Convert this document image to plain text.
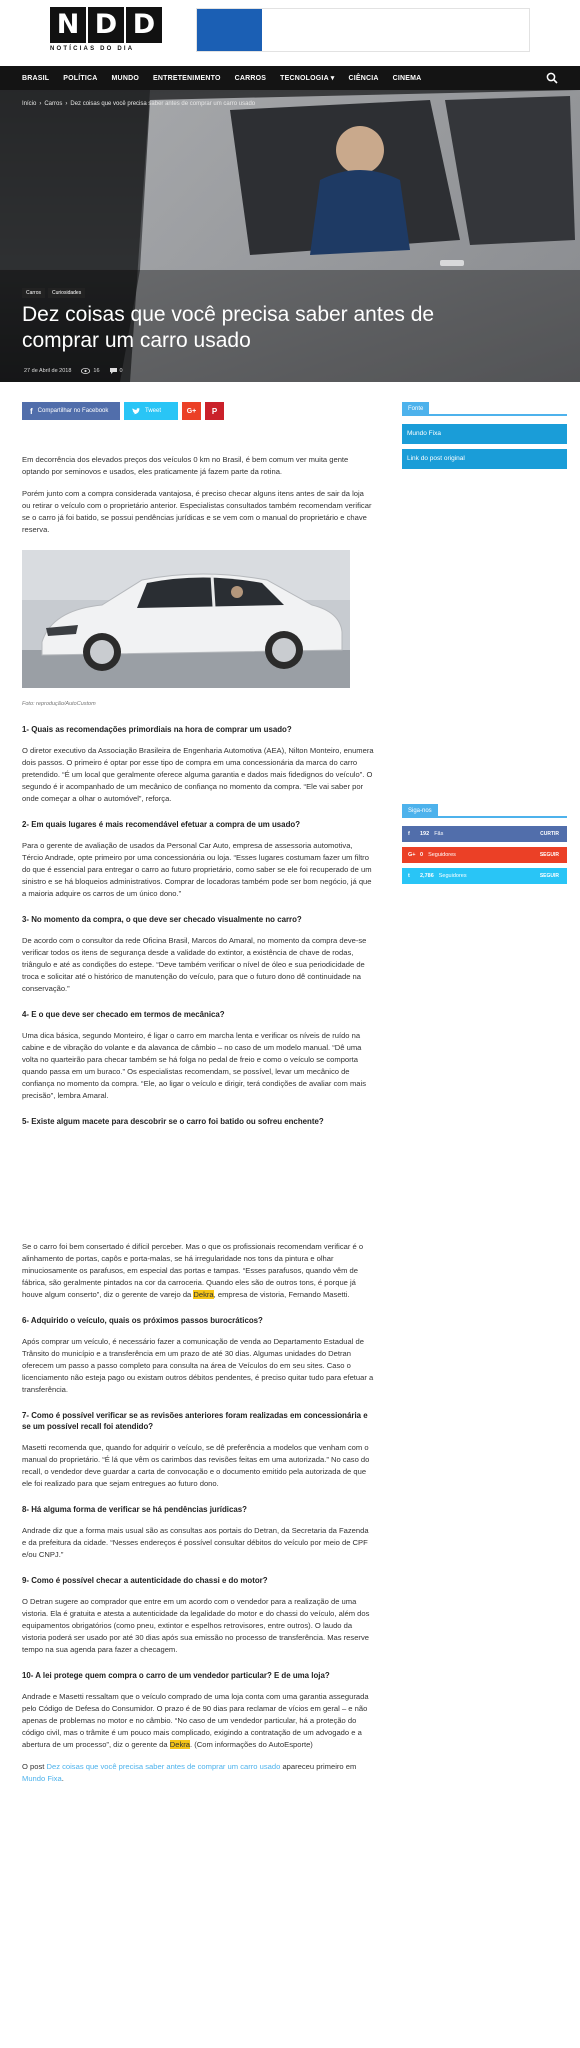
N D D
NOTÍCIAS DO DIA
BRASIL POLÍTICA MUNDO ENTRETENIMENTO CARROS TECNOLOGIA ▾ CIÊNCIA CINEMA
Início › Carros › Dez coisas que você precisa saber antes de comprar um carro usado
Carros	Curiosidades
Dez coisas que você precisa saber antes de comprar um carro usado
27 de Abril de 2018	16	0
f Compartilhar no Facebook	Tweet	G+ P	Fonte
Mundo Fixa
Link do post original
Siga-nos
f	192 Fãs	CURTIR
G+ 0 Seguidores	SEGUIR
t	2,786 Seguidores	SEGUIR

Em decorrência dos elevados preços dos veículos 0 km no Brasil, é bem comum ver muita gente optando por seminovos e usados, eles praticamente já fazem parte da rotina.

Porém junto com a compra considerada vantajosa, é preciso checar alguns itens antes de sair da loja ou retirar o veículo com o proprietário anterior. Especialistas consultados também recomendam verificar se o carro já foi batido, se possui pendências jurídicas e se vem com o manual do proprietário e chave reserva.

Foto: reprodução/AutoCustom
1- Quais as recomendações primordiais na hora de comprar um usado?

O diretor executivo da Associação Brasileira de Engenharia Automotiva (AEA), Nilton Monteiro, enumera dois passos. O primeiro é optar por esse tipo de compra em uma concessionária da marca do carro pretendido. “É um local que geralmente oferece alguma garantia e dados mais fidedignos do veículo”. O segundo é ir acompanhado de um mecânico de confiança no momento da compra. “Ele vai saber por onde começar a olhar o automóvel”, reforça.

2- Em quais lugares é mais recomendável efetuar a compra de um usado?

Para o gerente de avaliação de usados da Personal Car Auto, empresa de assessoria automotiva, Tércio Andrade, opte primeiro por uma concessionária ou loja. “Esses lugares costumam fazer um filtro do que é essencial para entregar o carro ao futuro proprietário, como saber se ele foi recuperado de um sinistro e se há bloqueios administrativos. Comprar de locadoras também pode ser bom negócio, já que a maioria adquire os carros de um único dono.”

3- No momento da compra, o que deve ser checado visualmente no carro?

De acordo com o consultor da rede Oficina Brasil, Marcos do Amaral, no momento da compra deve-se verificar todos os itens de segurança desde a validade do extintor, a existência de chave de rodas, triângulo e até as condições do estepe. “Deve também verificar o nível de óleo e sua periodicidade de troca e solicitar até o histórico de manutenção do veículo, para que o futuro dono dê continuidade na conservação.”

4- E o que deve ser checado em termos de mecânica?

Uma dica básica, segundo Monteiro, é ligar o carro em marcha lenta e verificar os níveis de ruído na cabine e de vibração do volante e da alavanca de câmbio – no caso de um modelo manual. “Dê uma volta no quarteirão para checar também se há folga no pedal de freio e como o veículo se comporta quando passa em um buraco.” Os especialistas recomendam, se possível, levar um mecânico de confiança no momento da compra. “Ele, ao ligar o veículo e dirigir, terá condições de avaliar com mais precisão”, lembra Amaral.

5- Existe algum macete para descobrir se o carro foi batido ou sofreu enchente?

Se o carro foi bem consertado é difícil perceber. Mas o que os profissionais recomendam verificar é o alinhamento de portas, capôs e porta-malas, se há irregularidade nos tons da pintura e olhar minuciosamente os parafusos, em especial das portas e tampas. “Esses parafusos, quando vêm de fábrica, são geralmente pintados na cor da carroceria. Quando eles são de outros tons, é porque já houve algum conserto”, diz o gerente de varejo da Dekra, empresa de vistoria, Fernando Masetti.

6- Adquirido o veículo, quais os próximos passos burocráticos?

Após comprar um veículo, é necessário fazer a comunicação de venda ao Departamento Estadual de Trânsito do município e a transferência em um prazo de até 30 dias. Algumas unidades do Detran oferecem um passo a passo completo para consulta na área de Veículos do em seu sites. Caso o licenciamento não esteja pago ou existam outros débitos pendentes, é preciso quitar tudo para efetuar a transferência.

7- Como é possível verificar se as revisões anteriores foram realizadas em concessionária e se um possível recall foi atendido?

Masetti recomenda que, quando for adquirir o veículo, se dê preferência a modelos que venham com o manual do proprietário. “É lá que vêm os carimbos das revisões feitas em uma autorizada.” No caso do recall, o vendedor deve guardar a carta de convocação e o documento emitido pela autorizada de que ele foi realizado para que sejam entregues ao futuro dono.

8- Há alguma forma de verificar se há pendências jurídicas?

Andrade diz que a forma mais usual são as consultas aos portais do Detran, da Secretaria da Fazenda e da prefeitura da cidade. “Nesses endereços é possível consultar débitos do veículo por meio de CPF e/ou CNPJ.”

9- Como é possível checar a autenticidade do chassi e do motor?

O Detran sugere ao comprador que entre em um acordo com o vendedor para a realização de uma vistoria. Ela é gratuita e atesta a autenticidade da legalidade do motor e do chassi do veículo, além dos equipamentos obrigatórios (como pneu, extintor e espelhos retrovisores, entre outros). O laudo da vistoria poderá ser usado por até 30 dias após sua emissão no processo de transferência. Mas reserve tempo na sua agenda para fazer a checagem.

10- A lei protege quem compra o carro de um vendedor particular? E de uma loja?

Andrade e Masetti ressaltam que o veículo comprado de uma loja conta com uma garantia assegurada pelo Código de Defesa do Consumidor. O prazo é de 90 dias para reclamar de vícios em geral – e não apenas de problemas no motor e no câmbio. “No caso de um vendedor particular, há a proteção do código civil, mas o trâmite é um pouco mais complicado, exigindo a contratação de um advogado e a abertura de um processo”, diz o gerente da Dekra. (Com informações do AutoEsporte)

O post Dez coisas que você precisa saber antes de comprar um carro usado apareceu primeiro em Mundo Fixa.
